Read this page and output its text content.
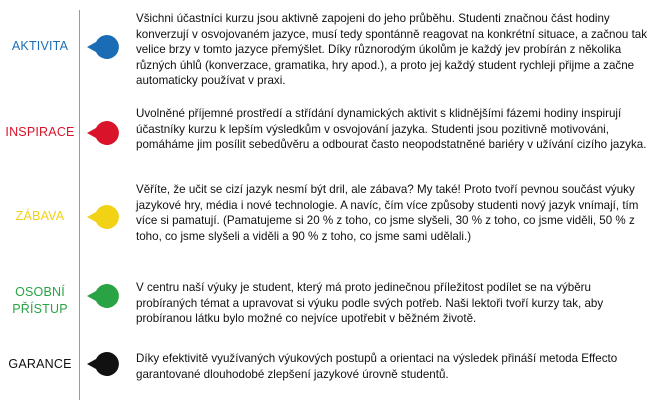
AKTIVITA
Všichni účastníci kurzu jsou aktivně zapojeni do jeho průběhu. Studenti značnou část hodiny konverzují v osvojovaném jazyce, musí tedy spontánně reagovat na konkrétní situace, a začnou tak velice brzy v tomto jazyce přemýšlet. Díky různorodým úkolům je každý jev probírán z několika různých úhlů (konverzace, gramatika, hry apod.), a proto jej každý student rychleji přijme a začne automaticky používat v praxi.
INSPIRACE
Uvolněné příjemné prostředí a střídání dynamických aktivit s klidnějšími fázemi hodiny inspirují účastníky kurzu k lepším výsledkům v osvojování jazyka. Studenti jsou pozitivně motivováni, pomáháme jim posílit sebedůvěru a odbourat často neopodstatněné bariéry v užívání cizího jazyka.
ZÁBAVA
Věříte, že učit se cizí jazyk nesmí být dril, ale zábava? My také! Proto tvoří pevnou součást výuky jazykové hry, média i nové technologie. A navíc, čím více způsoby studenti nový jazyk vnímají, tím více si pamatují. (Pamatujeme si 20 % z toho, co jsme slyšeli, 30 % z toho, co jsme viděli, 50 % z toho, co jsme slyšeli a viděli a 90 % z toho, co jsme sami udělali.)
OSOBNÍ
PŘÍSTUP
V centru naší výuky je student, který má proto jedinečnou příležitost podílet se na výběru probíraných témat a upravovat si výuku podle svých potřeb. Naši lektoři tvoří kurzy tak, aby probíranou látku bylo možné co nejvíce upotřebit v běžném životě.
GARANCE	Díky efektivitě využívaných výukových postupů a orientaci na výsledek přináší metoda Effecto garantované dlouhodobé zlepšení jazykové úrovně studentů.
